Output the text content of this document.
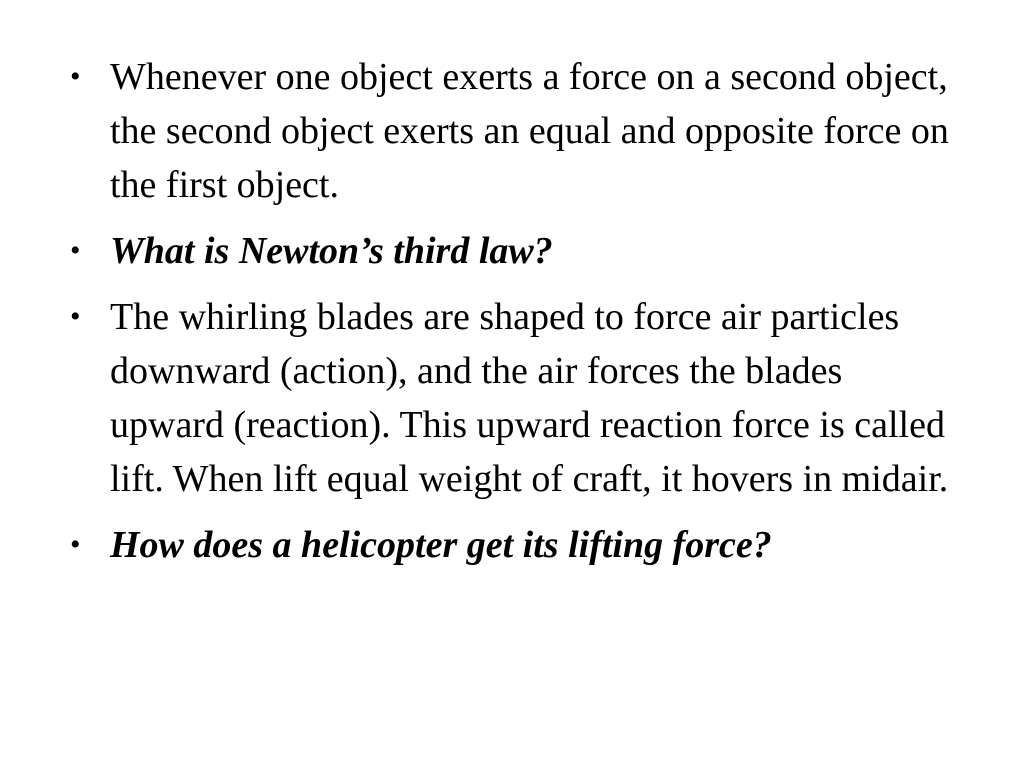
• Whenever one object exerts a force on a second object, the second object exerts an equal and opposite force on the first object.
• What is Newton’s third law?
• The whirling blades are shaped to force air particles downward (action), and the air forces the blades upward (reaction). This upward reaction force is called lift. When lift equal weight of craft, it hovers in midair.
• How does a helicopter get its lifting force?
